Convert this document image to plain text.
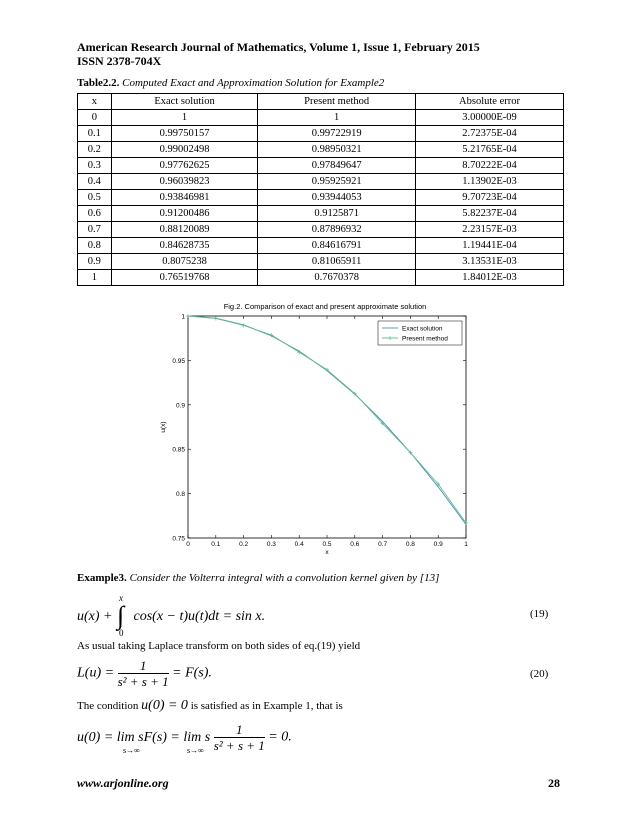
American Research Journal of Mathematics, Volume 1, Issue 1, February 2015
ISSN 2378-704X
Table2.2. Computed Exact and Approximation Solution for Example2
x	Exact solution	Present method	Absolute error
0	1	1	3.00000E-09
0.1	0.99750157	0.99722919	2.72375E-04
0.2	0.99002498	0.98950321	5.21765E-04
0.3	0.97762625	0.97849647	8.70222E-04
0.4	0.96039823	0.95925921	1.13902E-03
0.5	0.93846981	0.93944053	9.70723E-04
0.6	0.91200486	0.9125871	5.82237E-04
0.7	0.88120089	0.87896932	2.23157E-03
0.8	0.84628735	0.84616791	1.19441E-04
0.9	0.8075238	0.81065911	3.13531E-03
1	0.76519768	0.7670378	1.84012E-03
Fig.2. Comparison of exact and present approximate solution
0.75
0.8
0.85
0.9
0.95
1
0	0.1	0.2	0.3	0.4	0.5	0.6	0.7	0.8	0.9	1
u(x)
x
Exact solution
Present method
Example3. Consider the Volterra integral with a convolution kernel given by [13]
u(x) +
x
∫
0
cos(x − t)u(t)dt = sin x.	(19)
As usual taking Laplace transform on both sides of eq.(19) yield
$L(u) = \frac{1}{\text{s² + s + 1}} = F(s)$.	(20)
The condition u(0) = 0 is satisfied as in Example 1, that is
u(0) = lim sF(s) = lim s
s→∞	s→∞
$\frac{1}{\text{s² + s + 1}} = 0$.
www.arjonline.org	28
